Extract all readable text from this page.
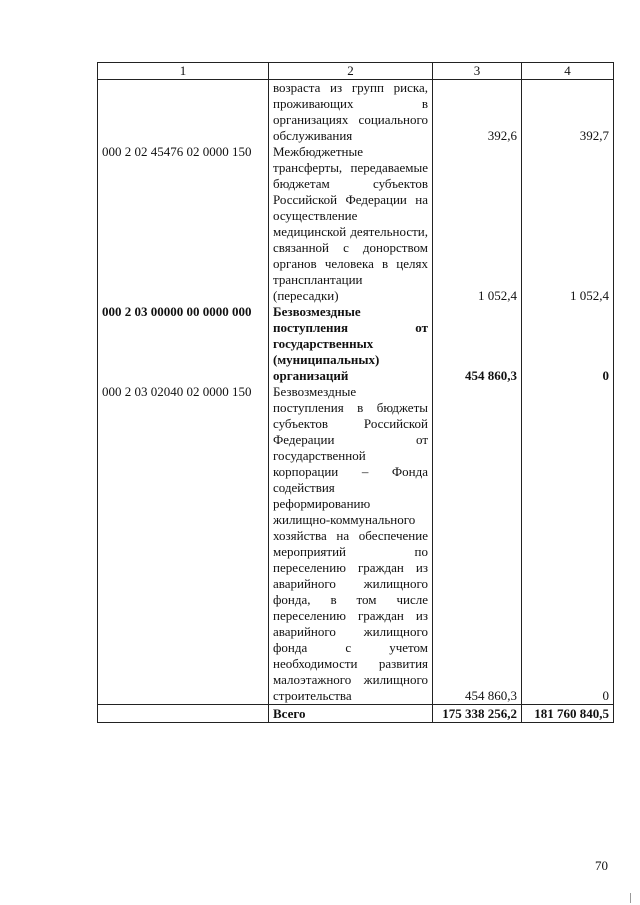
1	2	3	4
	возраста из групп риска, проживающих в организациях социального обслуживания	392,6	392,7
000 2 02 45476 02 0000 150	Межбюджетные трансферты, передаваемые бюджетам субъектов Российской Федерации на осуществление медицинской деятельности, связанной с донорством органов человека в целях трансплантации (пересадки)	1 052,4	1 052,4
000 2 03 00000 00 0000 000	Безвозмездные поступления от государственных (муниципальных) организаций	454 860,3	0
000 2 03 02040 02 0000 150	Безвозмездные поступления в бюджеты субъектов Российской Федерации от государственной корпорации – Фонда содействия реформированию жилищно-коммунального хозяйства на обеспечение мероприятий по переселению граждан из аварийного жилищного фонда, в том числе переселению граждан из аварийного жилищного фонда с учетом необходимости развития малоэтажного жилищного строительства	454 860,3	0
	Всего	175 338 256,2	181 760 840,5
70
